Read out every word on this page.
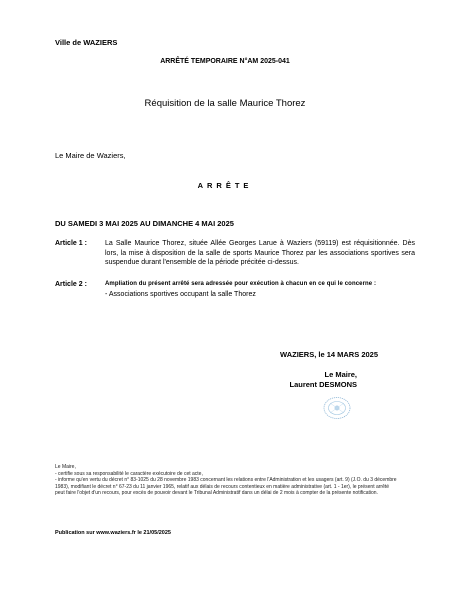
Ville de WAZIERS
ARRÊTÉ TEMPORAIRE N°AM 2025-041
Réquisition de la salle Maurice Thorez
Le Maire de Waziers,
ARRÊTE
DU SAMEDI 3 MAI 2025 AU DIMANCHE 4 MAI 2025
Article 1 :	La Salle Maurice Thorez, située Allée Georges Larue à Waziers (59119) est réquisitionnée. Dès lors, la mise à disposition de la salle de sports Maurice Thorez par les associations sportives sera suspendue durant l'ensemble de la période précitée ci-dessus.
Article 2 :	Ampliation du présent arrêté sera adressée pour exécution à chacun en ce qui le concerne :
- Associations sportives occupant la salle Thorez
WAZIERS, le 14 MARS 2025
Le Maire,
Laurent DESMONS
Le Maire,
- certifie sous sa responsabilité le caractère exécutoire de cet acte,
- informe qu'en vertu du décret n° 83-1025 du 28 novembre 1983 concernant les relations entre l'Administration et les usagers (art. 9) (J.O. du 3 décembre 1983), modifiant le décret n° 67-23 du 11 janvier 1965, relatif aux délais de recours contentieux en matière administrative (art. 1 - 1er), le présent arrêté peut faire l'objet d'un recours, pour excès de pouvoir devant le Tribunal Administratif dans un délai de 2 mois à compter de la présente notification.
Publication sur www.waziers.fr le 21/05/2025
